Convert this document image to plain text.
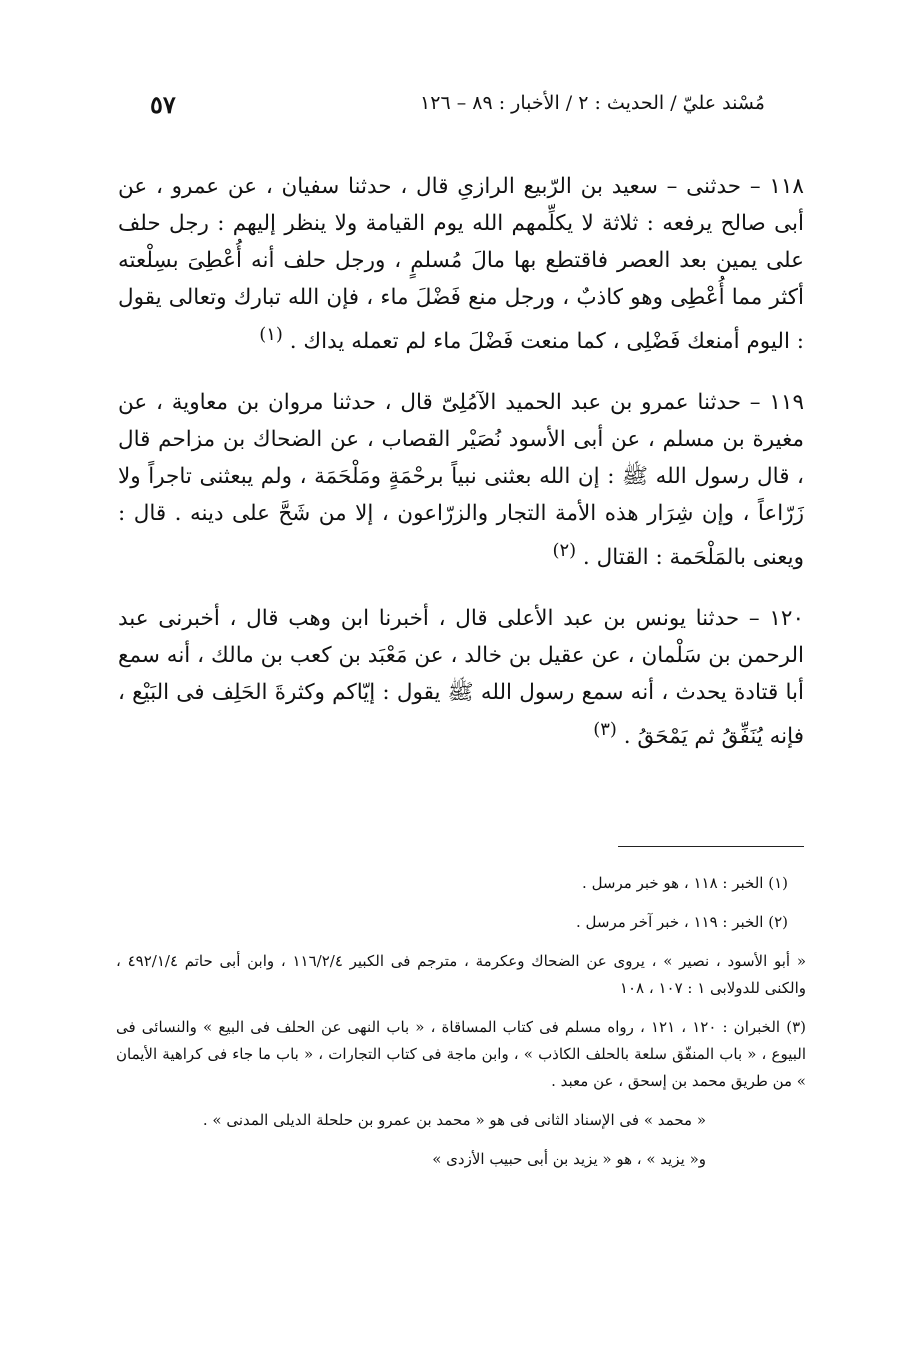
مُسْند عليّ / الحديث : ٢ / الأخبار : ٨٩ – ١٢٦
٥٧

١١٨ – حدثنى – سعيد بن الرّبيع الرازىِ قال ، حدثنا سفيان ، عن عمرو ، عن أبى صالح يرفعه : ثلاثة لا يكلِّمهم الله يوم القيامة ولا ينظر إليهم : رجل حلف على يمين بعد العصر فاقتطع بها مالَ مُسلمٍ ، ورجل حلف أنه أُعْطِىَ بسِلْعته أكثر مما أُعْطِى وهو كاذبٌ ، ورجل منع فَضْلَ ماء ، فإن الله تبارك وتعالى يقول : اليوم أمنعك فَضْلِى ، كما منعت فَضْلَ ماء لم تعمله يداك . $^{(١)}$

١١٩ – حدثنا عمرو بن عبد الحميد الآمُلِىّ قال ، حدثنا مروان بن معاوية ، عن مغيرة بن مسلم ، عن أبى الأسود نُصَيْر القصاب ، عن الضحاك بن مزاحم قال ، قال رسول الله ﷺ : إن الله بعثنى نبياً برحْمَةٍ ومَلْحَمَة ، ولم يبعثنى تاجراً ولا زَرّاعاً ، وإن شِرَار هذه الأمة التجار والزرّاعون ، إلا من شَحَّ على دينه . قال : ويعنى بالمَلْحَمة : القتال . $^{(٢)}$

١٢٠ – حدثنا يونس بن عبد الأعلى قال ، أخبرنا ابن وهب قال ، أخبرنى عبد الرحمن بن سَلْمان ، عن عقيل بن خالد ، عن مَعْبَد بن كعب بن مالك ، أنه سمع أبا قتادة يحدث ، أنه سمع رسول الله ﷺ يقول : إيّاكم وكثرةَ الحَلِف فى البَيْع ، فإنه يُنَفِّقُ ثم يَمْحَقُ . $^{(٣)}$

(١) الخبر : ١١٨ ، هو خبر مرسل .

(٢) الخبر : ١١٩ ، خبر آخر مرسل .

« أبو الأسود ، نصير » ، يروى عن الضحاك وعكرمة ، مترجم فى الكبير ١١٦/٢/٤ ، وابن أبى حاتم ٤٩٢/١/٤ ، والكنى للدولابى ١ : ١٠٧ ، ١٠٨

(٣) الخبران : ١٢٠ ، ١٢١ ، رواه مسلم فى كتاب المساقاة ، « باب النهى عن الحلف فى البيع » والنسائى فى البيوع ، « باب المنفّق سلعة بالحلف الكاذب » ، وابن ماجة فى كتاب التجارات ، « باب ما جاء فى كراهية الأيمان » من طريق محمد بن إسحق ، عن معبد .

« محمد » فى الإسناد الثانى فى هو « محمد بن عمرو بن حلحلة الديلى المدنى » .

و« يزيد » ، هو « يزيد بن أبى حبيب الأزدى »
